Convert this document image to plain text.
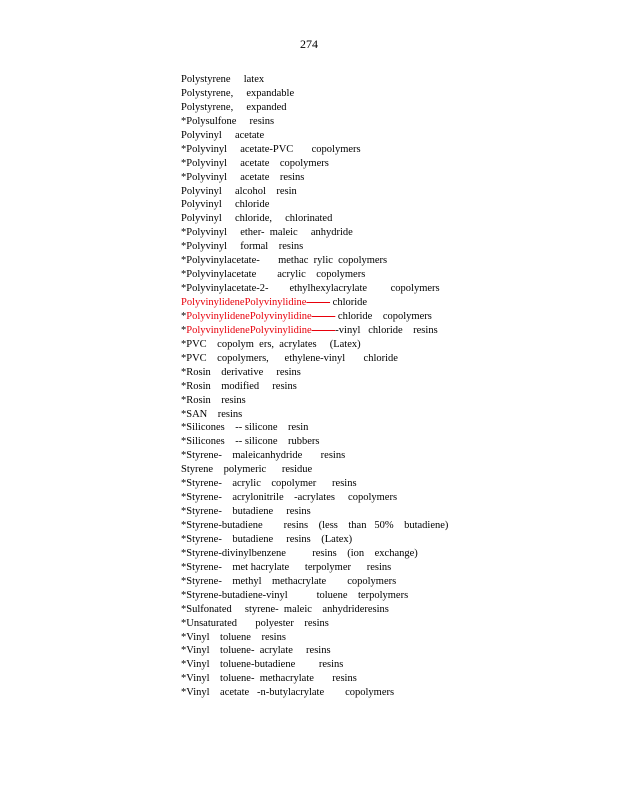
274
Polystyrene     latex
Polystyrene,     expandable
Polystyrene,     expanded
*Polysulfone     resins
Polyvinyl     acetate
*Polyvinyl     acetate-PVC       copolymers
*Polyvinyl     acetate    copolymers
*Polyvinyl     acetate    resins
Polyvinyl     alcohol    resin
Polyvinyl     chloride
Polyvinyl     chloride,     chlorinated
*Polyvinyl     ether-  maleic     anhydride
*Polyvinyl     formal    resins
*Polyvinylacetate-       methac  rylic  copolymers
*Polyvinylacetate        acrylic    copolymers
*Polyvinylacetate-2-        ethylhexylacrylate         copolymers
PolyvinylidenePolyvinylidine          chloride
*PolyvinylidenePolyvinylidine          chloride    copolymers
*PolyvinylidenePolyvinylidine -vinyl   chloride    resins
*PVC    copolym  ers,  acrylates     (Latex)
*PVC    copolymers,      ethylene-vinyl       chloride
*Rosin    derivative     resins
*Rosin    modified     resins
*Rosin    resins
*SAN    resins
*Silicones    -- silicone    resin
*Silicones    -- silicone    rubbers
*Styrene-    maleicanhydride       resins
Styrene    polymeric      residue
*Styrene-    acrylic    copolymer      resins
*Styrene-    acrylonitrile    -acrylates     copolymers
*Styrene-    butadiene     resins
*Styrene-butadiene        resins    (less    than   50%    butadiene)
*Styrene-    butadiene     resins    (Latex)
*Styrene-divinylbenzene          resins    (ion    exchange)
*Styrene-    met hacrylate      terpolymer      resins
*Styrene-    methyl    methacrylate        copolymers
*Styrene-butadiene-vinyl           toluene    terpolymers
*Sulfonated     styrene-  maleic    anhydrideresins
*Unsaturated       polyester    resins
*Vinyl    toluene    resins
*Vinyl    toluene-  acrylate     resins
*Vinyl    toluene-butadiene         resins
*Vinyl    toluene-  methacrylate       resins
*Vinyl    acetate   -n-butylacrylate        copolymers
